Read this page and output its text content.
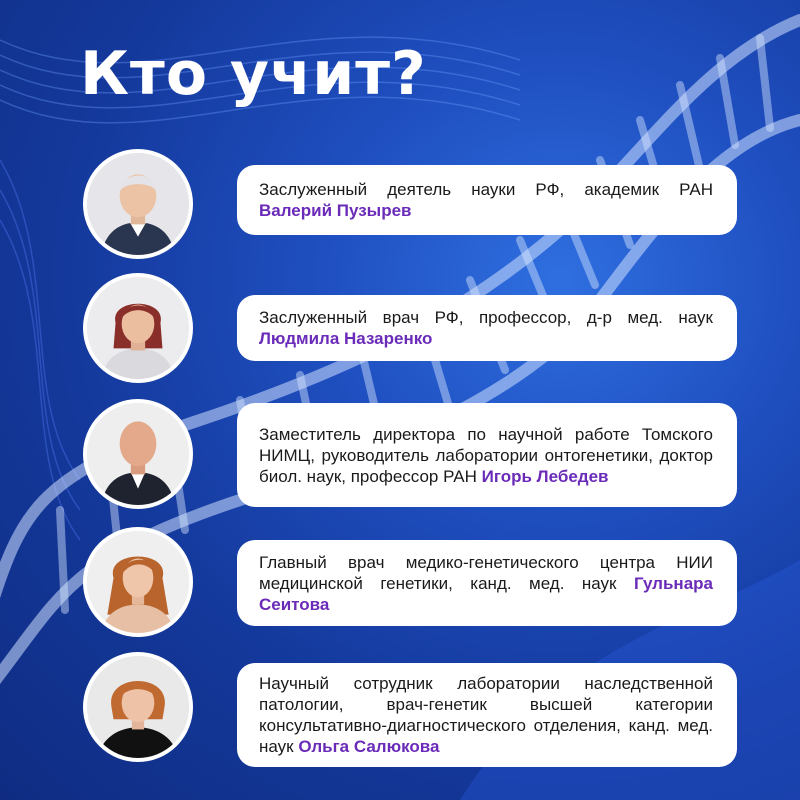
Кто учит?

Заслуженный деятель науки РФ, академик РАН Валерий Пузырев

Заслуженный врач РФ, профессор, д-р мед. наук Людмила Назаренко

Заместитель директора по научной работе Томского НИМЦ, руководитель лаборатории онтогенетики, доктор биол. наук, профессор РАН Игорь Лебедев

Главный врач медико-генетического центра НИИ медицинской генетики, канд. мед. наук Гульнара Сеитова

Научный сотрудник лаборатории наследственной патологии, врач-генетик высшей категории консультативно-диагностического отделения, канд. мед. наук Ольга Салюкова
